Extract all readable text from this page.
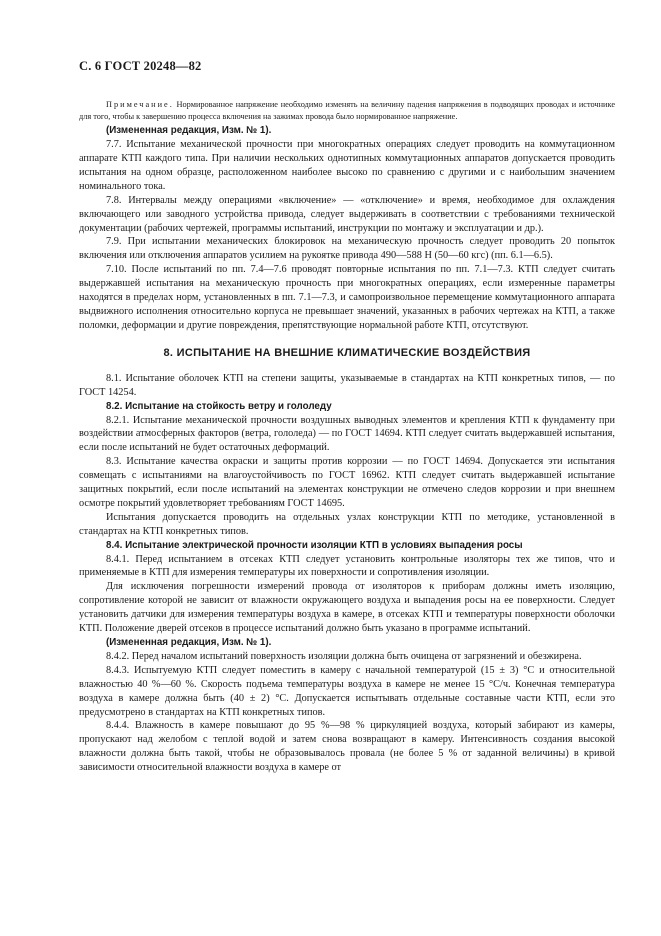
С. 6 ГОСТ 20248—82

Примечание. Нормированное напряжение необходимо изменять на величину падения напряжения в подводящих проводах и источнике для того, чтобы к завершению процесса включения на зажимах провода было нормированное напряжение.

(Измененная редакция, Изм. № 1).

7.7. Испытание механической прочности при многократных операциях следует проводить на коммутационном аппарате КТП каждого типа. При наличии нескольких однотипных коммутационных аппаратов допускается проводить испытания на одном образце, расположенном наиболее высоко по сравнению с другими и с наибольшим значением номинального тока.

7.8. Интервалы между операциями «включение» — «отключение» и время, необходимое для охлаждения включающего или заводного устройства привода, следует выдерживать в соответствии с требованиями технической документации (рабочих чертежей, программы испытаний, инструкции по монтажу и эксплуатации и др.).

7.9. При испытании механических блокировок на механическую прочность следует проводить 20 попыток включения или отключения аппаратов усилием на рукоятке привода 490—588 Н (50—60 кгс) (пп. 6.1—6.5).

7.10. После испытаний по пп. 7.4—7.6 проводят повторные испытания по пп. 7.1—7.3. КТП следует считать выдержавшей испытания на механическую прочность при многократных операциях, если измеренные параметры находятся в пределах норм, установленных в пп. 7.1—7.3, и самопроизвольное перемещение коммутационного аппарата выдвижного исполнения относительно корпуса не превышает значений, указанных в рабочих чертежах на КТП, а также поломки, деформации и другие повреждения, препятствующие нормальной работе КТП, отсутствуют.

8. ИСПЫТАНИЕ НА ВНЕШНИЕ КЛИМАТИЧЕСКИЕ ВОЗДЕЙСТВИЯ

8.1. Испытание оболочек КТП на степени защиты, указываемые в стандартах на КТП конкретных типов, — по ГОСТ 14254.

8.2. Испытание на стойкость ветру и гололеду

8.2.1. Испытание механической прочности воздушных выводных элементов и крепления КТП к фундаменту при воздействии атмосферных факторов (ветра, гололеда) — по ГОСТ 14694. КТП следует считать выдержавшей испытания, если после испытаний не будет остаточных деформаций.

8.3. Испытание качества окраски и защиты против коррозии — по ГОСТ 14694. Допускается эти испытания совмещать с испытаниями на влагоустойчивость по ГОСТ 16962. КТП следует считать выдержавшей испытание защитных покрытий, если после испытаний на элементах конструкции не отмечено следов коррозии и при внешнем осмотре покрытий удовлетворяет требованиям ГОСТ 14695.

Испытания допускается проводить на отдельных узлах конструкции КТП по методике, установленной в стандартах на КТП конкретных типов.

8.4. Испытание электрической прочности изоляции КТП в условиях выпадения росы

8.4.1. Перед испытанием в отсеках КТП следует установить контрольные изоляторы тех же типов, что и применяемые в КТП для измерения температуры их поверхности и сопротивления изоляции.

Для исключения погрешности измерений провода от изоляторов к приборам должны иметь изоляцию, сопротивление которой не зависит от влажности окружающего воздуха и выпадения росы на ее поверхности. Следует установить датчики для измерения температуры воздуха в камере, в отсеках КТП и температуры поверхности оболочки КТП. Положение дверей отсеков в процессе испытаний должно быть указано в программе испытаний.

(Измененная редакция, Изм. № 1).

8.4.2. Перед началом испытаний поверхность изоляции должна быть очищена от загрязнений и обезжирена.

8.4.3. Испытуемую КТП следует поместить в камеру с начальной температурой (15 ± 3) °С и относительной влажностью 40 %—60 %. Скорость подъема температуры воздуха в камере не менее 15 °С/ч. Конечная температура воздуха в камере должна быть (40 ± 2) °С. Допускается испытывать отдельные составные части КТП, если это предусмотрено в стандартах на КТП конкретных типов.

8.4.4. Влажность в камере повышают до 95 %—98 % циркуляцией воздуха, который забирают из камеры, пропускают над желобом с теплой водой и затем снова возвращают в камеру. Интенсивность создания высокой влажности должна быть такой, чтобы не образовывалось провала (не более 5 % от заданной величины) в кривой зависимости относительной влажности воздуха в камере от
